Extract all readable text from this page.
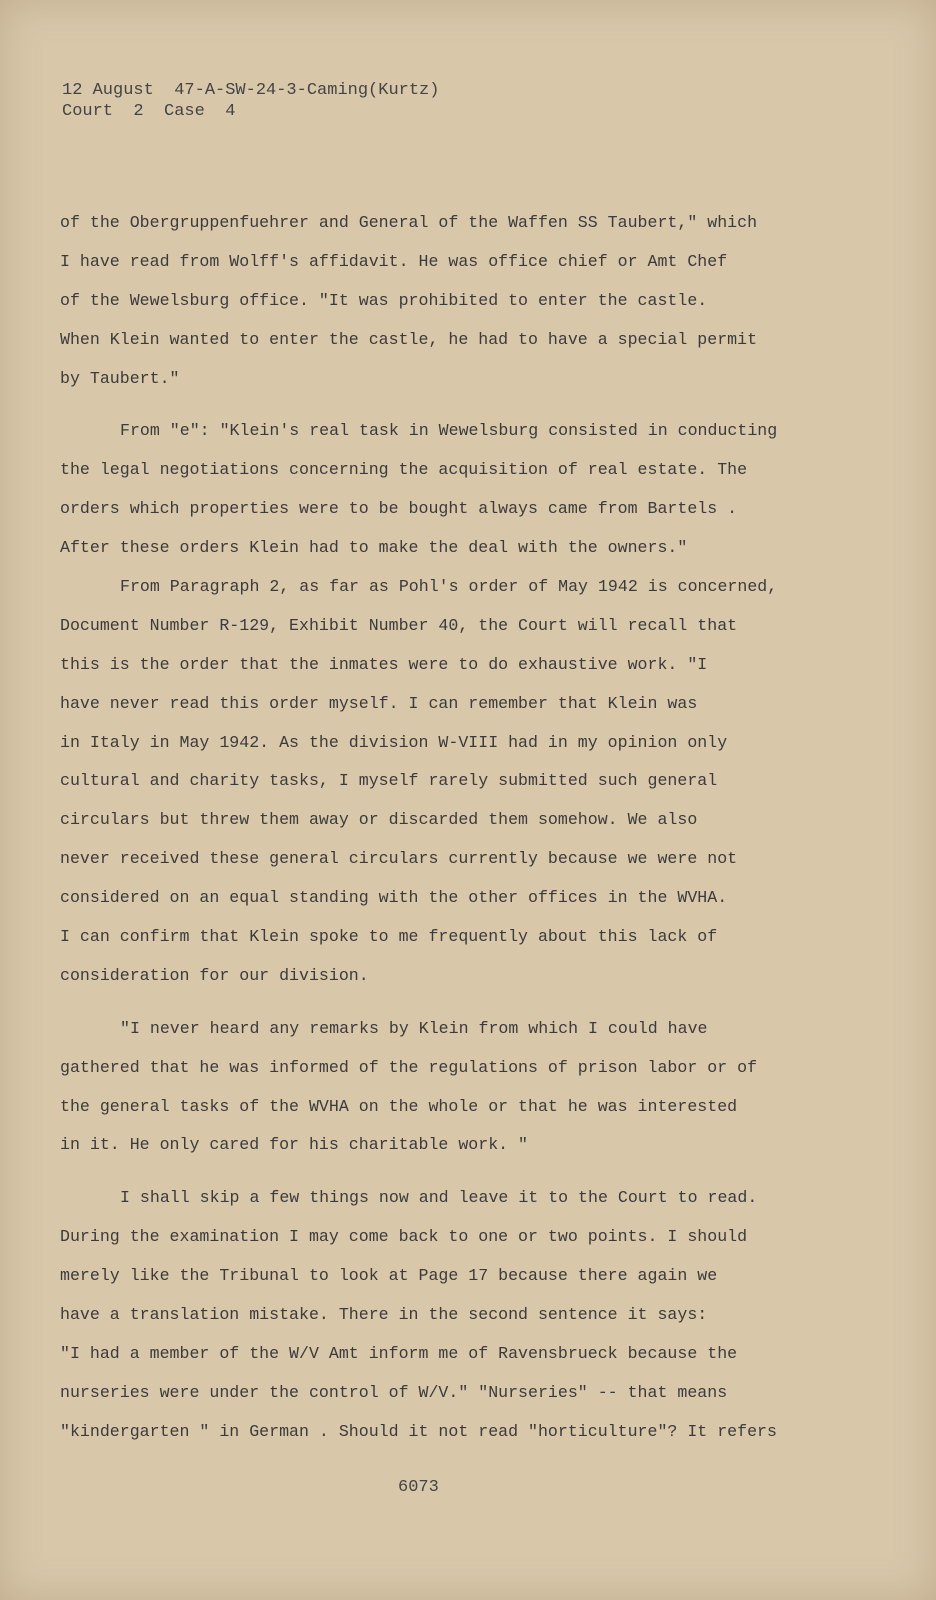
12 August  47-A-SW-24-3-Caming(Kurtz)
Court  2  Case  4
of the Obergruppenfuehrer and General of the Waffen SS Taubert," which
I have read from Wolff's affidavit. He was office chief or Amt Chef
of the Wewelsburg office. "It was prohibited to enter the castle.
When Klein wanted to enter the castle, he had to have a special permit
by Taubert."
From "e": "Klein's real task in Wewelsburg consisted in conducting
the legal negotiations concerning the acquisition of real estate. The
orders which properties were to be bought always came from Bartels .
After these orders Klein had to make the deal with the owners."
From Paragraph 2, as far as Pohl's order of May 1942 is concerned,
Document Number R-129, Exhibit Number 40, the Court will recall that
this is the order that the inmates were to do exhaustive work. "I
have never read this order myself. I can remember that Klein was
in Italy in May 1942. As the division W-VIII had in my opinion only
cultural and charity tasks, I myself rarely submitted such general
circulars but threw them away or discarded them somehow. We also
never received these general circulars currently because we were not
considered on an equal standing with the other offices in the WVHA.
I can confirm that Klein spoke to me frequently about this lack of
consideration for our division.
"I never heard any remarks by Klein from which I could have
gathered that he was informed of the regulations of prison labor or of
the general tasks of the WVHA on the whole or that he was interested
in it. He only cared for his charitable work. "
I shall skip a few things now and leave it to the Court to read.
During the examination I may come back to one or two points. I should
merely like the Tribunal to look at Page 17 because there again we
have a translation mistake. There in the second sentence it says:
"I had a member of the W/V Amt inform me of Ravensbrueck because the
nurseries were under the control of W/V." "Nurseries" -- that means
"kindergarten " in German . Should it not read "horticulture"? It refers
6073
